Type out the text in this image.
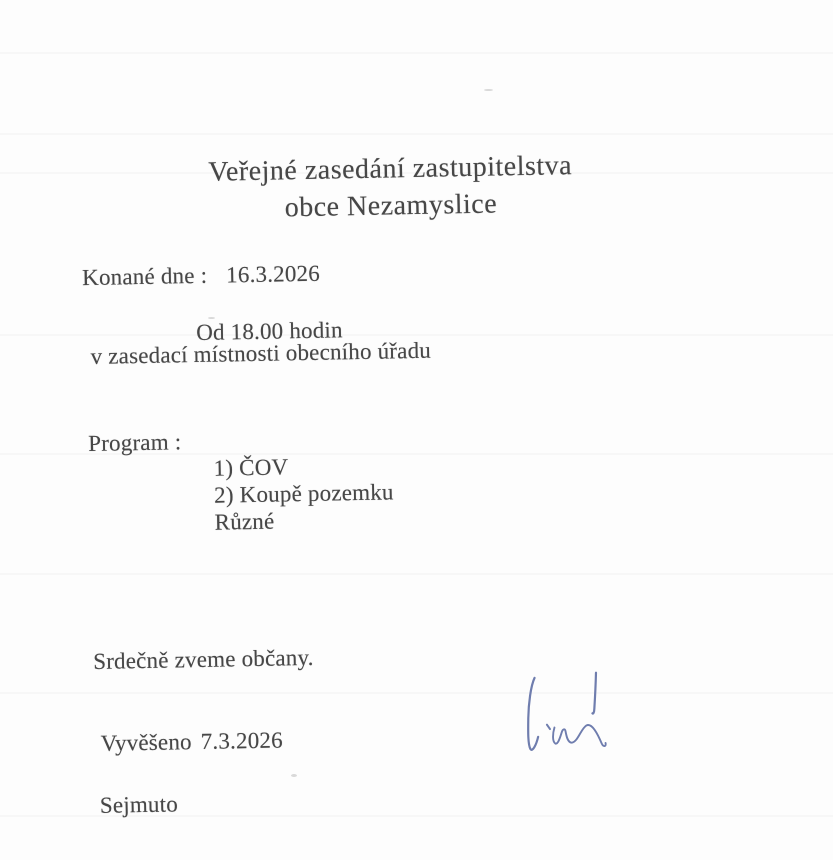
Veřejné zasedání zastupitelstva
obce Nezamyslice
Konané dne : 16.3.2026
Od 18.00 hodin
v zasedací místnosti obecního úřadu
Program :
1) ČOV
2) Koupě pozemku
Různé
Srdečně zveme občany.
Vyvěšeno 7.3.2026
Sejmuto
